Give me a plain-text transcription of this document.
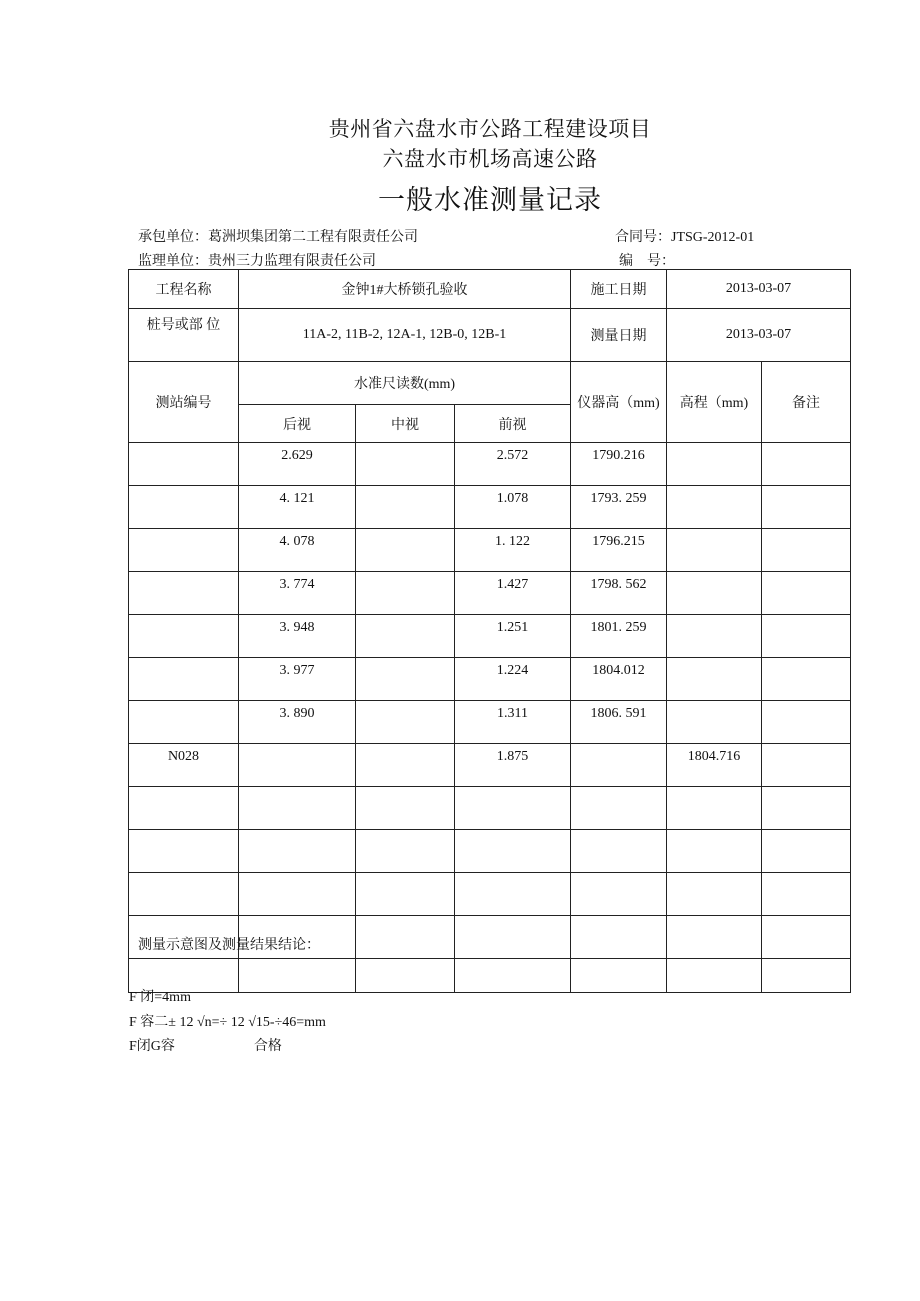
贵州省六盘水市公路工程建设项目
六盘水市机场高速公路
一般水准测量记录
承包单位：葛洲坝集团第二工程有限责任公司	合同号：JTSG-2012-01
监理单位：贵州三力监理有限责任公司	编　号：
工程名称	金钟1#大桥锁孔验收			施工日期	2013-03-07	
桩号或部 位	11A-2, 11B-2, 12A-1, 12B-0, 12B-1			测量日期	2013-03-07	
测站编号	水准尺读数(mm)			仪器高（mm)	高程（mm)	备注
	后视	中视	前视			
	2.629		2.572	1790.216		
	4. 121		1.078	1793. 259		
	4. 078		1. 122	1796.215		
	3. 774		1.427	1798. 562		
	3. 948		1.251	1801. 259		
	3. 977		1.224	1804.012		
	3. 890		1.311	1806. 591		
N028			1.875		1804.716	

测量示意图及测量结果结论：
F 闭=4mm
F 容二± 12 √n=÷ 12 √15-÷46=mm
F闭G容	合格
